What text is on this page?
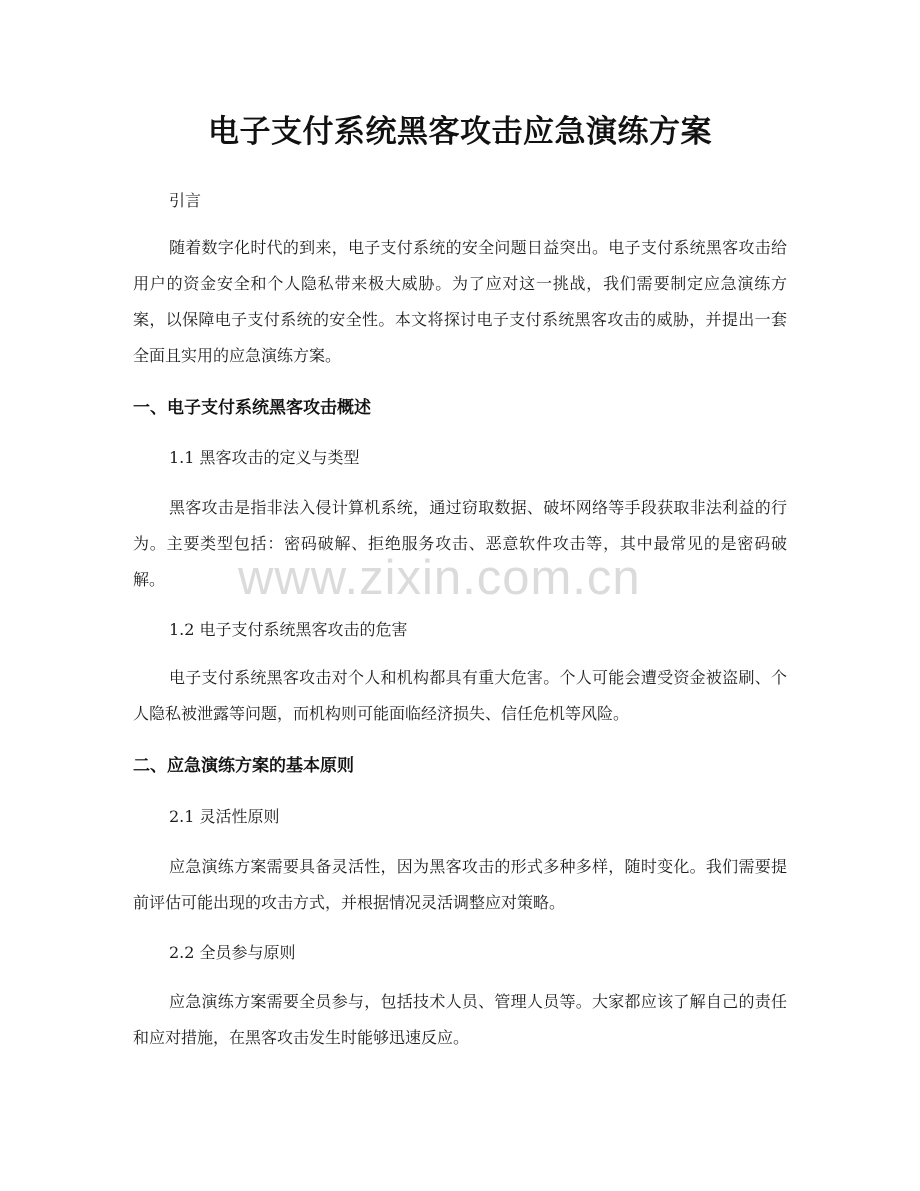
电子支付系统黑客攻击应急演练方案
引言
随着数字化时代的到来，电子支付系统的安全问题日益突出。电子支付系统黑客攻击给用户的资金安全和个人隐私带来极大威胁。为了应对这一挑战，我们需要制定应急演练方案，以保障电子支付系统的安全性。本文将探讨电子支付系统黑客攻击的威胁，并提出一套全面且实用的应急演练方案。
一、电子支付系统黑客攻击概述
1.1 黑客攻击的定义与类型
黑客攻击是指非法入侵计算机系统，通过窃取数据、破坏网络等手段获取非法利益的行为。主要类型包括：密码破解、拒绝服务攻击、恶意软件攻击等，其中最常见的是密码破解。
1.2 电子支付系统黑客攻击的危害
电子支付系统黑客攻击对个人和机构都具有重大危害。个人可能会遭受资金被盗刷、个人隐私被泄露等问题，而机构则可能面临经济损失、信任危机等风险。
二、应急演练方案的基本原则
2.1 灵活性原则
应急演练方案需要具备灵活性，因为黑客攻击的形式多种多样，随时变化。我们需要提前评估可能出现的攻击方式，并根据情况灵活调整应对策略。
2.2 全员参与原则
应急演练方案需要全员参与，包括技术人员、管理人员等。大家都应该了解自己的责任和应对措施，在黑客攻击发生时能够迅速反应。
www.zixin.com.cn
